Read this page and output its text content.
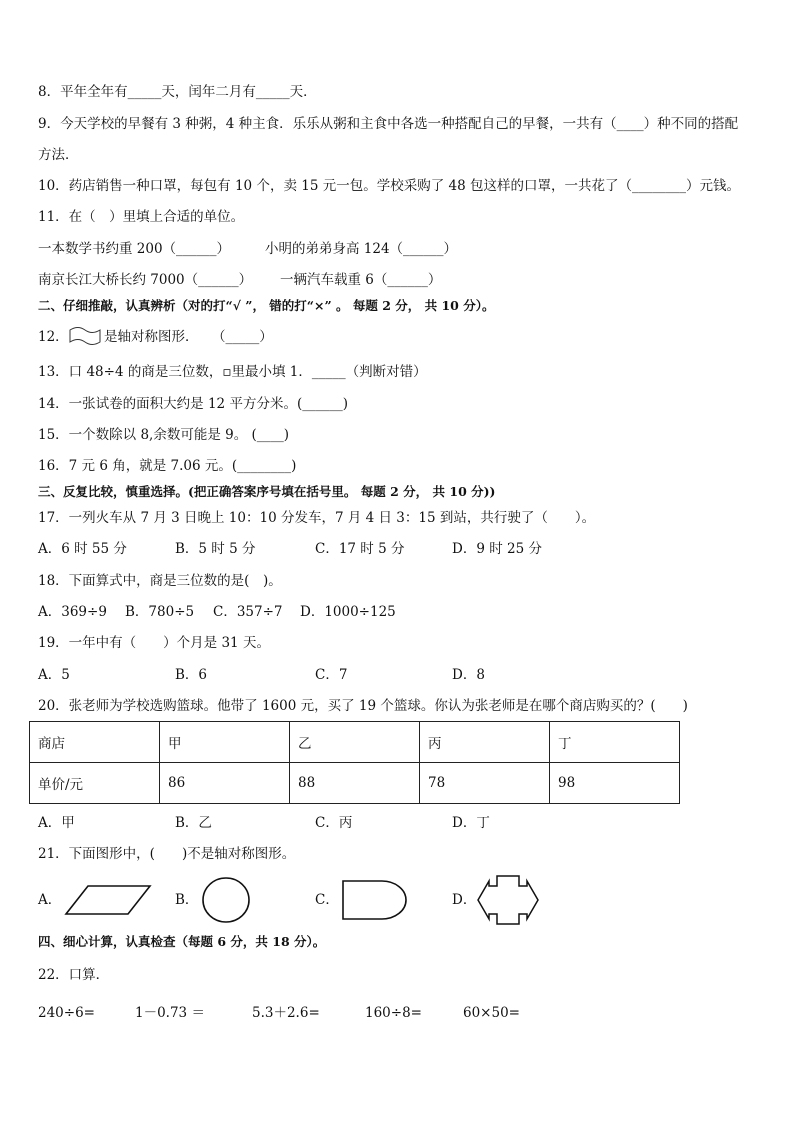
8．平年全年有_____天，闰年二月有_____天．
9．今天学校的早餐有 3 种粥，4 种主食．乐乐从粥和主食中各选一种搭配自己的早餐，一共有（____）种不同的搭配
方法．
10．药店销售一种口罩，每包有 10 个，卖 15 元一包。学校采购了 48 包这样的口罩，一共花了（________）元钱。
11．在（　）里填上合适的单位。
一本数学书约重 200（______）	小明的弟弟身高 124（______）
南京长江大桥长约 7000（______） 一辆汽车载重 6（______）
二、仔细推敲，认真辨析（对的打“√ ”， 错的打“×” 。 每题 2 分， 共 10 分）。
12．	是轴对称图形．　　（_____）
13．口 48÷4 的商是三位数，▫里最小填 1．_____（判断对错）
14．一张试卷的面积大约是 12 平方分米。(______)
15．一个数除以 8,余数可能是 9。 (____)
16．7 元 6 角，就是 7.06 元。(________)
三、反复比较，慎重选择。(把正确答案序号填在括号里。 每题 2 分， 共 10 分))
17．一列火车从 7 月 3 日晚上 10：10 分发车，7 月 4 日 3：15 到站，共行驶了（　　）。
A．6 时 55 分	B．5 时 5 分	C．17 时 5 分	D．9 时 25 分
18．下面算式中，商是三位数的是(　)。
A．369÷9 B．780÷5 C．357÷7 D．1000÷125
19．一年中有（　　）个月是 31 天。
A．5	B．6	C．7	D．8
20．张老师为学校选购篮球。他带了 1600 元，买了 19 个篮球。你认为张老师是在哪个商店购买的？(　　)
商店	甲	乙	丙	丁
单价/元	86	88	78	98
A．甲	B．乙	C．丙	D．丁
21．下面图形中，(　　)不是轴对称图形。
A．	B．	C．	D．
四、细心计算，认真检查（每题 6 分，共 18 分）。
22．口算．
240÷6=	1－0.73 ＝	5.3＋2.6=	160÷8=	60×50=
